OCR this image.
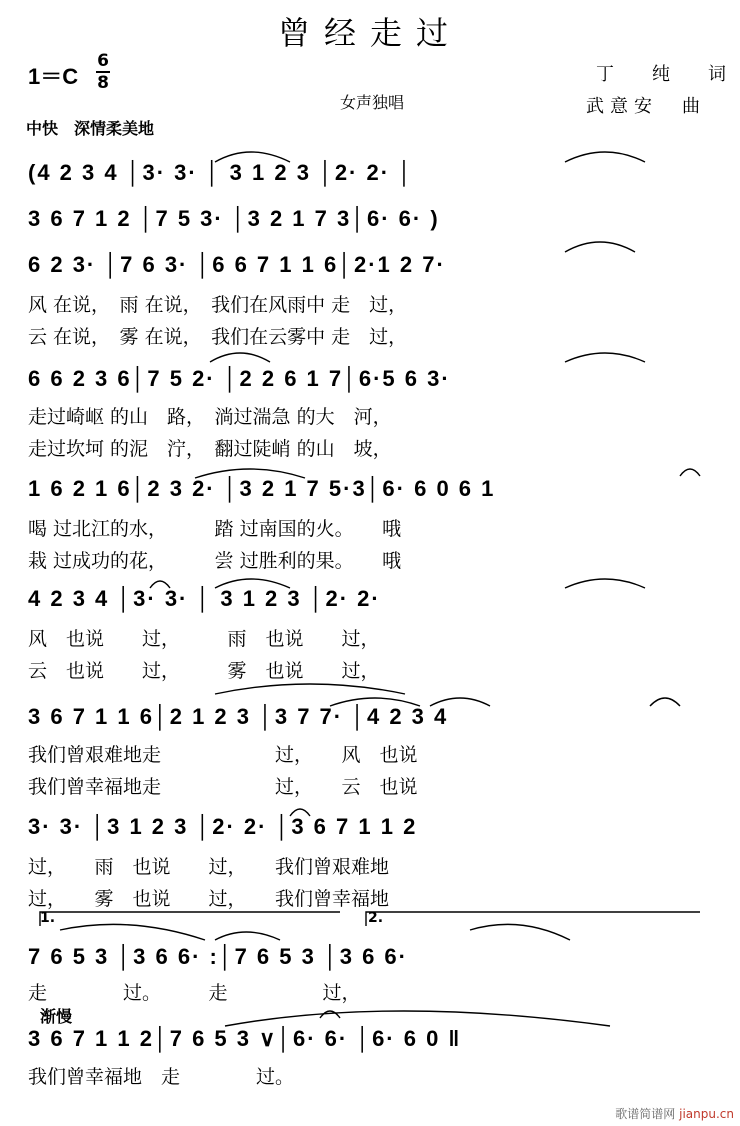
曾经走过
1＝C
6
8	丁　纯　词
武意安　曲
女声独唱
中快　深情柔美地
(4 2 3 4 │3· 3· │ 3 1 2 3 │2· 2· │
3 6 7 1 2 │7 5 3· │3 2 1 7 3│6· 6· )
6 2 3· │7 6 3· │6 6 7 1 1 6│2·1 2 7·
风 在说，　雨 在说，　我们在风雨中 走　过，
云 在说，　雾 在说，　我们在云雾中 走　过，
6 6 2 3 6│7 5 2· │2 2 6 1 7│6·5 6 3·
走过崎岖 的山　路，　淌过湍急 的大　河，
走过坎坷 的泥　泞，　翻过陡峭 的山　坡，
1 6 2 1 6│2 3 2· │3 2 1 7 5·3│6· 6 0 6 1
喝 过北江的水，　　　踏 过南国的火。　　哦
栽 过成功的花，　　　尝 过胜利的果。　　哦
4 2 3 4 │3· 3· │ 3 1 2 3 │2· 2·
风　也说　　过，　　　雨　也说　　过，
云　也说　　过，　　　雾　也说　　过，
3 6 7 1 1 6│2 1 2 3 │3 7 7· │4 2 3 4
我们曾艰难地走　　　　　　过，　　风　也说
我们曾幸福地走　　　　　　过，　　云　也说
3· 3· │3 1 2 3 │2· 2· │3 6 7 1 1 2
过，　　雨　也说　　过，　　我们曾艰难地
过，　　雾　也说　　过，　　我们曾幸福地
1.	2.
7 6 5 3 │3 6 6· :│7 6 5 3 │3 6 6·
走　　　　过。　　　走　　　　　过，
渐慢
3 6 7 1 1 2│7 6 5 3 ∨│6· 6· │6· 6 0 ‖
我们曾幸福地　走　　　　过。
歌谱简谱网 jianpu.cn
